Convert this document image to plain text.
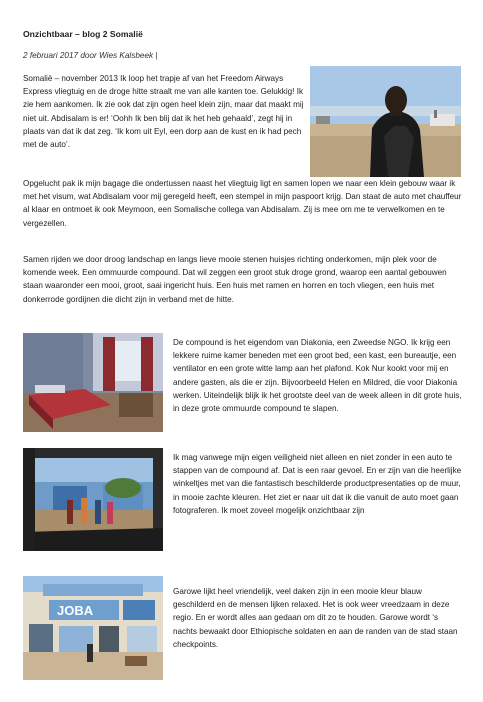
Onzichtbaar – blog 2 Somalië
2 februari 2017 door Wies Kalsbeek |

Somalië – november 2013 Ik loop het trapje af van het Freedom Airways Express vliegtuig en de droge hitte straalt me van alle kanten toe. Gelukkig! Ik zie hem aankomen. Ik zie ook dat zijn ogen heel klein zijn, maar dat maakt mij niet uit. Abdisalam is er! ‘Oohh Ik ben blij dat ik het heb gehaald’, zegt hij in plaats van dat ik dat zeg. ‘Ik kom uit Eyl, een dorp aan de kust en ik had pech met de auto’.

Opgelucht pak ik mijn bagage die ondertussen naast het vliegtuig ligt en samen lopen we naar een klein gebouw waar ik met het visum, wat Abdisalam voor mij geregeld heeft, een stempel in mijn paspoort krijg. Dan staat de auto met chauffeur al klaar en ontmoet ik ook Meymoon, een Somalische collega van Abdisalam. Zij is mee om me te verwelkomen en te vergezellen.

Samen rijden we door droog landschap en langs lieve mooie stenen huisjes richting onderkomen, mijn plek voor de komende week. Een ommuurde compound. Dat wil zeggen een groot stuk droge grond, waarop een aantal gebouwen staan waaronder een mooi, groot, saai ingericht huis. Een huis met ramen en horren en toch vliegen, een huis met donkerrode gordijnen die dicht zijn in verband met de hitte.

De compound is het eigendom van Diakonia, een Zweedse NGO. Ik krijg een lekkere ruime kamer beneden met een groot bed, een kast, een bureautje, een ventilator en een grote witte lamp aan het plafond. Kok Nur kookt voor mij en andere gasten, als die er zijn. Bijvoorbeeld Helen en Mildred, die voor Diakonia werken. Uiteindelijk blijk ik het grootste deel van de week alleen in dit grote huis, in deze grote ommuurde compound te slapen.

Ik mag vanwege mijn eigen veiligheid niet alleen en niet zonder in een auto te stappen van de compound af. Dat is een raar gevoel. En er zijn van die heerlijke winkeltjes met van die fantastisch beschilderde productpresentaties op de muur, in mooie zachte kleuren. Het ziet er naar uit dat ik die vanuit de auto moet gaan fotograferen. Ik moet zoveel mogelijk onzichtbaar zijn

JOBA

Garowe lijkt heel vriendelijk, veel daken zijn in een mooie kleur blauw geschilderd en de mensen lijken relaxed. Het is ook weer vreedzaam in deze regio. En er wordt alles aan gedaan om dit zo te houden. Garowe wordt ‘s nachts bewaakt door Ethiopische soldaten en aan de randen van de stad staan checkpoints.
